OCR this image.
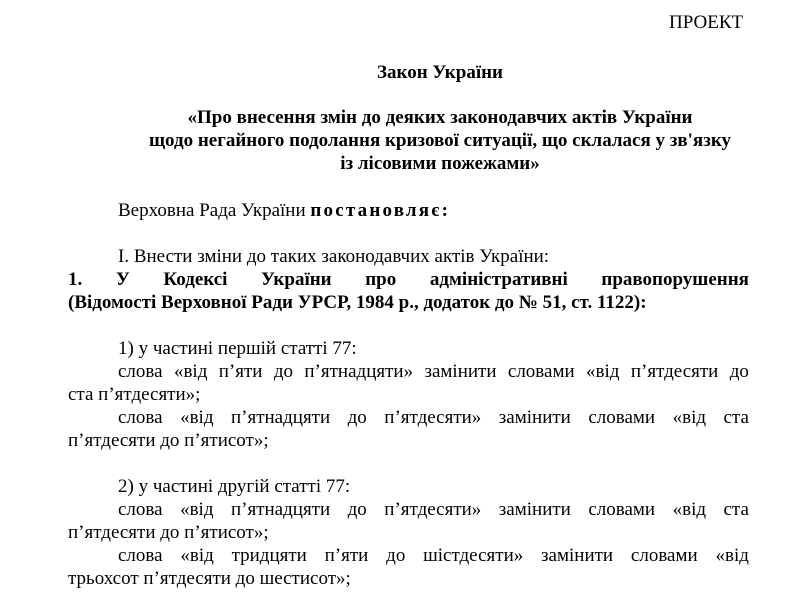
ПРОЕКТ
Закон України
«Про внесення змін до деяких законодавчих актів України
щодо негайного подолання кризової ситуації, що склалася у зв'язку
із лісовими пожежами»
Верховна Рада України постановляє:
І. Внести зміни до таких законодавчих актів України:
1. У Кодексі України про адміністративні правопорушення
(Відомості Верховної Ради УРСР, 1984 р., додаток до № 51, ст. 1122):
1) у частині першій статті 77:
слова «від п’яти до п’ятнадцяти» замінити словами «від п’ятдесяти до
ста п’ятдесяти»;
слова «від п’ятнадцяти до п’ятдесяти» замінити словами «від ста
п’ятдесяти до п’ятисот»;
2) у частині другій статті 77:
слова «від п’ятнадцяти до п’ятдесяти» замінити словами «від ста
п’ятдесяти до п’ятисот»;
слова «від тридцяти п’яти до шістдесяти» замінити словами «від
трьохсот п’ятдесяти до шестисот»;
